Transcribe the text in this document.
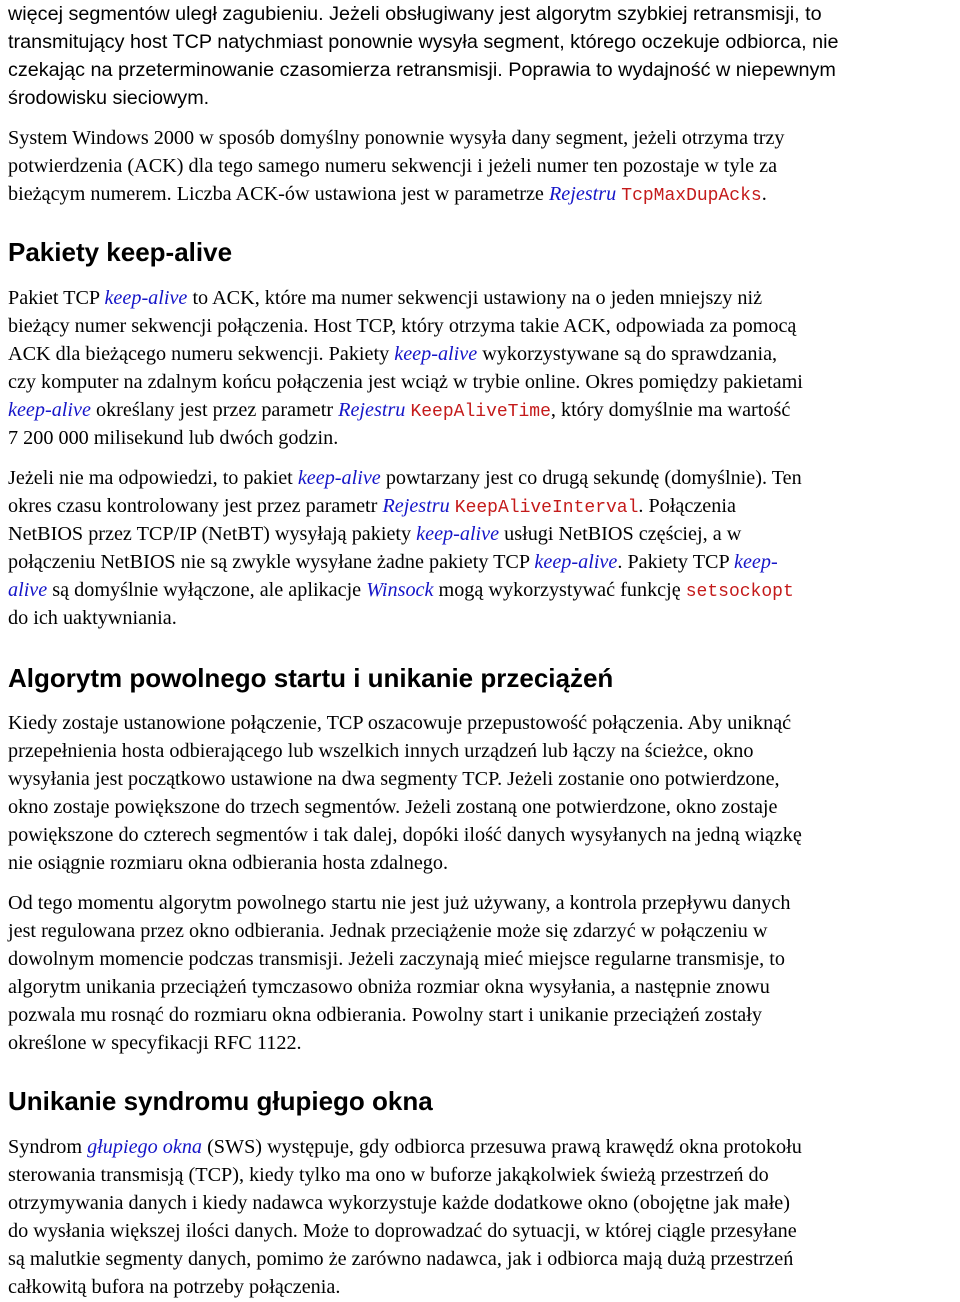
więcej segmentów uległ zagubieniu. Jeżeli obsługiwany jest algorytm szybkiej retransmisji, to
transmitujący host TCP natychmiast ponownie wysyła segment, którego oczekuje odbiorca, nie
czekając na przeterminowanie czasomierza retransmisji. Poprawia to wydajność w niepewnym
środowisku sieciowym.

System Windows 2000 w sposób domyślny ponownie wysyła dany segment, jeżeli otrzyma trzy
potwierdzenia (ACK) dla tego samego numeru sekwencji i jeżeli numer ten pozostaje w tyle za
bieżącym numerem. Liczba ACK-ów ustawiona jest w parametrze Rejestru TcpMaxDupAcks.

Pakiety keep-alive

Pakiet TCP keep-alive to ACK, które ma numer sekwencji ustawiony na o jeden mniejszy niż
bieżący numer sekwencji połączenia. Host TCP, który otrzyma takie ACK, odpowiada za pomocą
ACK dla bieżącego numeru sekwencji. Pakiety keep-alive wykorzystywane są do sprawdzania,
czy komputer na zdalnym końcu połączenia jest wciąż w trybie online. Okres pomiędzy pakietami
keep-alive określany jest przez parametr Rejestru KeepAliveTime, który domyślnie ma wartość
7 200 000 milisekund lub dwóch godzin.

Jeżeli nie ma odpowiedzi, to pakiet keep-alive powtarzany jest co drugą sekundę (domyślnie). Ten
okres czasu kontrolowany jest przez parametr Rejestru KeepAliveInterval. Połączenia
NetBIOS przez TCP/IP (NetBT) wysyłają pakiety keep-alive usługi NetBIOS częściej, a w
połączeniu NetBIOS nie są zwykle wysyłane żadne pakiety TCP keep-alive. Pakiety TCP keep-
alive są domyślnie wyłączone, ale aplikacje Winsock mogą wykorzystywać funkcję setsockopt
do ich uaktywniania.

Algorytm powolnego startu i unikanie przeciążeń

Kiedy zostaje ustanowione połączenie, TCP oszacowuje przepustowość połączenia. Aby uniknąć
przepełnienia hosta odbierającego lub wszelkich innych urządzeń lub łączy na ścieżce, okno
wysyłania jest początkowo ustawione na dwa segmenty TCP. Jeżeli zostanie ono potwierdzone,
okno zostaje powiększone do trzech segmentów. Jeżeli zostaną one potwierdzone, okno zostaje
powiększone do czterech segmentów i tak dalej, dopóki ilość danych wysyłanych na jedną wiązkę
nie osiągnie rozmiaru okna odbierania hosta zdalnego.

Od tego momentu algorytm powolnego startu nie jest już używany, a kontrola przepływu danych
jest regulowana przez okno odbierania. Jednak przeciążenie może się zdarzyć w połączeniu w
dowolnym momencie podczas transmisji. Jeżeli zaczynają mieć miejsce regularne transmisje, to
algorytm unikania przeciążeń tymczasowo obniża rozmiar okna wysyłania, a następnie znowu
pozwala mu rosnąć do rozmiaru okna odbierania. Powolny start i unikanie przeciążeń zostały
określone w specyfikacji RFC 1122.

Unikanie syndromu głupiego okna

Syndrom głupiego okna (SWS) występuje, gdy odbiorca przesuwa prawą krawędź okna protokołu
sterowania transmisją (TCP), kiedy tylko ma ono w buforze jakąkolwiek świeżą przestrzeń do
otrzymywania danych i kiedy nadawca wykorzystuje każde dodatkowe okno (obojętne jak małe)
do wysłania większej ilości danych. Może to doprowadzać do sytuacji, w której ciągle przesyłane
są malutkie segmenty danych, pomimo że zarówno nadawca, jak i odbiorca mają dużą przestrzeń
całkowitą bufora na potrzeby połączenia.
